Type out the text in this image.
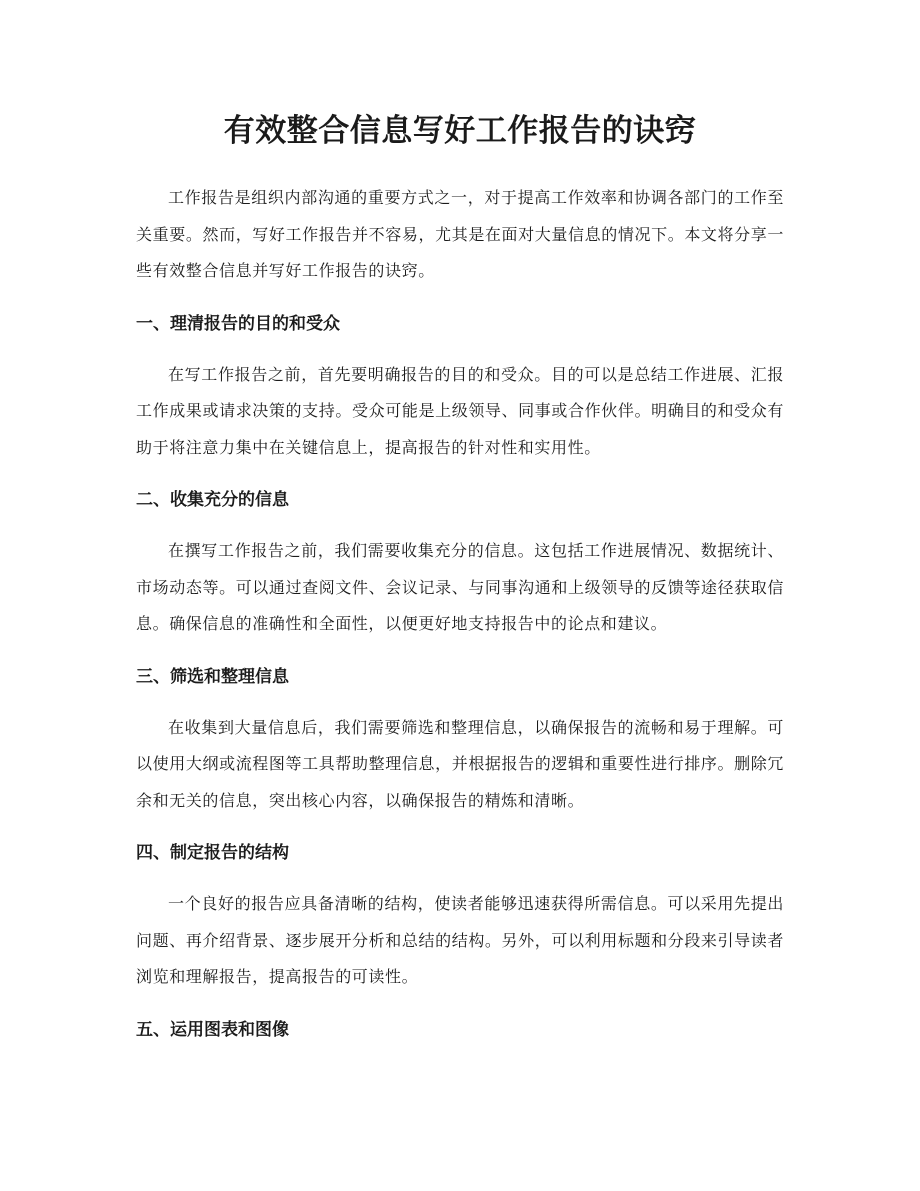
有效整合信息写好工作报告的诀窍

工作报告是组织内部沟通的重要方式之一，对于提高工作效率和协调各部门的工作至关重要。然而，写好工作报告并不容易，尤其是在面对大量信息的情况下。本文将分享一些有效整合信息并写好工作报告的诀窍。

一、理清报告的目的和受众

在写工作报告之前，首先要明确报告的目的和受众。目的可以是总结工作进展、汇报工作成果或请求决策的支持。受众可能是上级领导、同事或合作伙伴。明确目的和受众有助于将注意力集中在关键信息上，提高报告的针对性和实用性。

二、收集充分的信息

在撰写工作报告之前，我们需要收集充分的信息。这包括工作进展情况、数据统计、市场动态等。可以通过查阅文件、会议记录、与同事沟通和上级领导的反馈等途径获取信息。确保信息的准确性和全面性，以便更好地支持报告中的论点和建议。

三、筛选和整理信息

在收集到大量信息后，我们需要筛选和整理信息，以确保报告的流畅和易于理解。可以使用大纲或流程图等工具帮助整理信息，并根据报告的逻辑和重要性进行排序。删除冗余和无关的信息，突出核心内容，以确保报告的精炼和清晰。

四、制定报告的结构

一个良好的报告应具备清晰的结构，使读者能够迅速获得所需信息。可以采用先提出问题、再介绍背景、逐步展开分析和总结的结构。另外，可以利用标题和分段来引导读者浏览和理解报告，提高报告的可读性。

五、运用图表和图像
